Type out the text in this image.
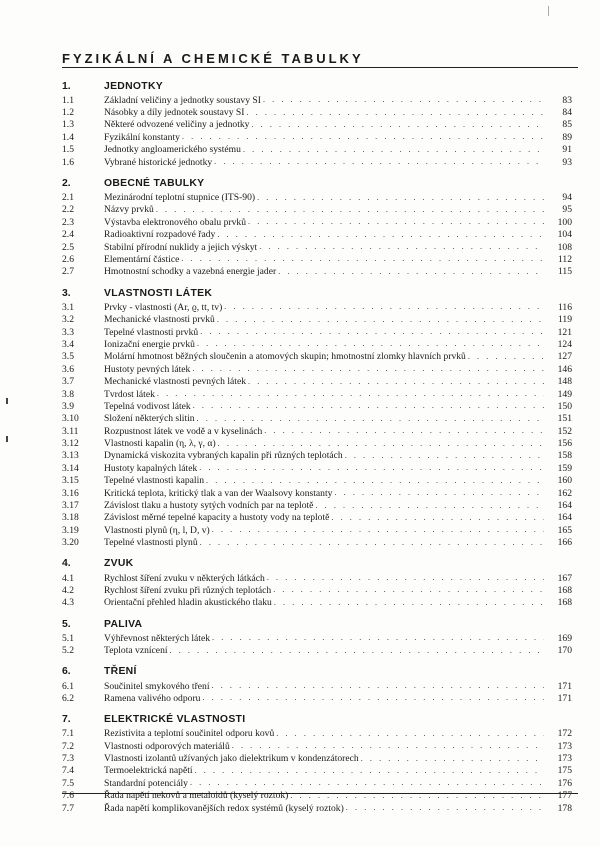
FYZIKÁLNÍ A CHEMICKÉ TABULKY
1.	JEDNOTKY
1.1	Základní veličiny a jednotky soustavy SI . . .	83
1.2	Násobky a díly jednotek soustavy SI . . .	84
1.3	Některé odvozené veličiny a jednotky . . .	85
1.4	Fyzikální konstanty . . .	89
1.5	Jednotky angloamerického systému . . .	91
1.6	Vybrané historické jednotky . . .	93
2.	OBECNÉ TABULKY
2.1	Mezinárodní teplotní stupnice (ITS-90) . . .	94
2.2	Názvy prvků . . .	95
2.3	Výstavba elektronového obalu prvků . . .	100
2.4	Radioaktivní rozpadové řady . . .	104
2.5	Stabilní přírodní nuklidy a jejich výskyt . . .	108
2.6	Elementární částice . . .	112
2.7	Hmotnostní schodky a vazebná energie jader . . .	115
3.	VLASTNOSTI LÁTEK
3.1	Prvky - vlastnosti (Ar, ϱ, tt, tv) . . .	116
3.2	Mechanické vlastnosti prvků . . .	119
3.3	Tepelné vlastnosti prvků . . .	121
3.4	Ionizační energie prvků . . .	124
3.5	Molární hmotnost běžných sloučenin a atomových skupin; hmotnostní zlomky hlavních prvků . . .	127
3.6	Hustoty pevných látek . . .	146
3.7	Mechanické vlastnosti pevných látek . . .	148
3.8	Tvrdost látek . . .	149
3.9	Tepelná vodivost látek . . .	150
3.10	Složení některých slitin . . .	151
3.11	Rozpustnost látek ve vodě a v kyselinách . . .	152
3.12	Vlastnosti kapalin (η, λ, γ, α) . . .	156
3.13	Dynamická viskozita vybraných kapalin při různých teplotách . . .	158
3.14	Hustoty kapalných látek . . .	159
3.15	Tepelné vlastnosti kapalin . . .	160
3.16	Kritická teplota, kritický tlak a van der Waalsovy konstanty . . .	162
3.17	Závislost tlaku a hustoty sytých vodních par na teplotě . . .	164
3.18	Závislost měrné tepelné kapacity a hustoty vody na teplotě . . .	164
3.19	Vlastnosti plynů (η, l, D, v) . . .	165
3.20	Tepelné vlastnosti plynů . . .	166
4.	ZVUK
4.1	Rychlost šíření zvuku v některých látkách . . .	167
4.2	Rychlost šíření zvuku při různých teplotách . . .	168
4.3	Orientační přehled hladin akustického tlaku . . .	168
5.	PALIVA
5.1	Výhřevnost některých látek . . .	169
5.2	Teplota vznícení . . .	170
6.	TŘENÍ
6.1	Součinitel smykového tření . . .	171
6.2	Ramena valivého odporu . . .	171
7.	ELEKTRICKÉ VLASTNOSTI
7.1	Rezistivita a teplotní součinitel odporu kovů . . .	172
7.2	Vlastnosti odporových materiálů . . .	173
7.3	Vlastnosti izolantů užívaných jako dielektrikum v kondenzátorech . . .	173
7.4	Termoelektrická napětí . . .	175
7.5	Standardní potenciály . . .	176
7.6	Řada napětí nekovů a metaloidů (kyselý roztok) . . .	177
7.7	Řada napětí komplikovanějších redox systémů (kyselý roztok) . . .	178
